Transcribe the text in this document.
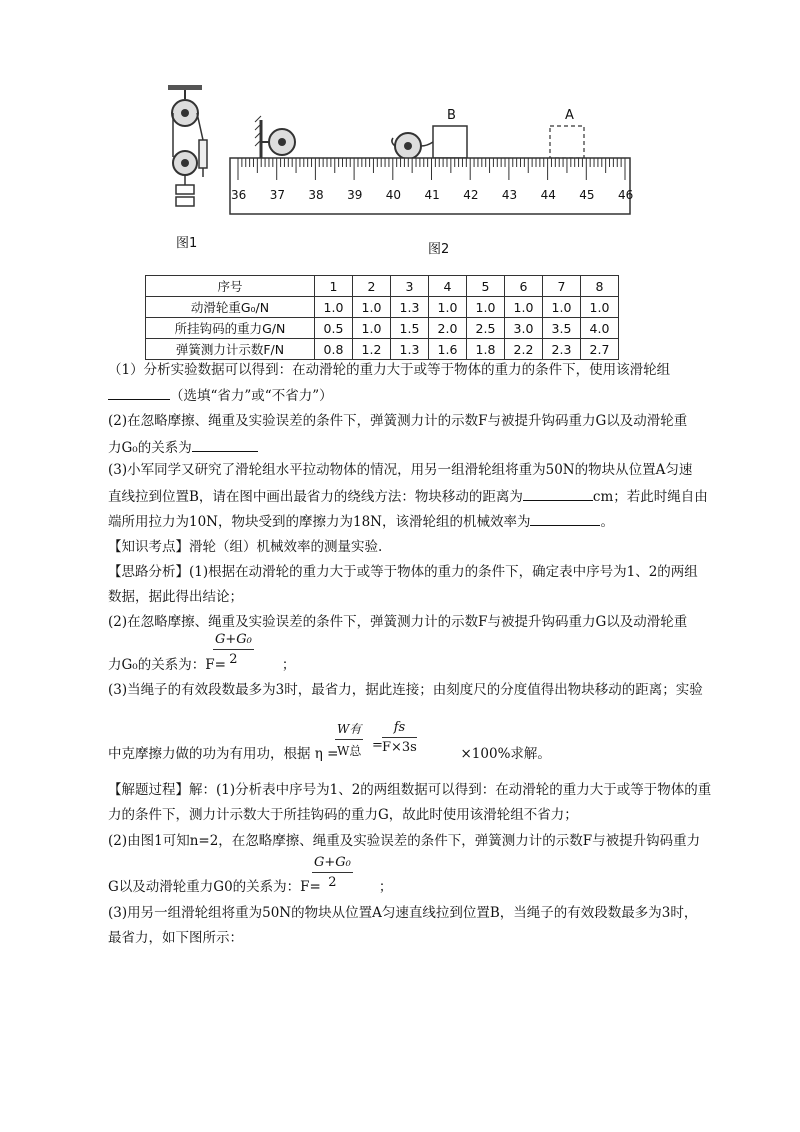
图1
B	A
36 37 38 39 40 41 42 43 44 45 46
图2
序号	1	2	3	4	5	6	7	8
动滑轮重G₀/N	1.0	1.0	1.3	1.0	1.0	1.0	1.0	1.0
所挂钩码的重力G/N	0.5	1.0	1.5	2.0	2.5	3.0	3.5	4.0
弹簧测力计示数F/N	0.8	1.2	1.3	1.6	1.8	2.2	2.3	2.7
（1）分析实验数据可以得到：在动滑轮的重力大于或等于物体的重力的条件下，使用该滑轮组
（选填“省力”或“不省力”）
(2)在忽略摩擦、绳重及实验误差的条件下，弹簧测力计的示数F与被提升钩码重力G以及动滑轮重
力G₀的关系为
(3)小军同学又研究了滑轮组水平拉动物体的情况，用另一组滑轮组将重为50N的物块从位置A匀速
直线拉到位置B，请在图中画出最省力的绕线方法：物块移动的距离为	cm；若此时绳自由
端所用拉力为10N，物块受到的摩擦力为18N，该滑轮组的机械效率为	。
【知识考点】滑轮（组）机械效率的测量实验.
【思路分析】(1)根据在动滑轮的重力大于或等于物体的重力的条件下，确定表中序号为1、2的两组
数据，据此得出结论；
(2)在忽略摩擦、绳重及实验误差的条件下，弹簧测力计的示数F与被提升钩码重力G以及动滑轮重
$\frac{\text{G+G₀}}{2}$
力G₀的关系为：F=	；
(3)当绳子的有效段数最多为3时，最省力，据此连接；由刻度尺的分度值得出物块移动的距离；实验
W有
W总 = $\frac{fs}{F\times 3s}$
中克摩擦力做的功为有用功，根据 η =	×100%求解。
【解题过程】解：(1)分析表中序号为1、2的两组数据可以得到：在动滑轮的重力大于或等于物体的重
力的条件下，测力计示数大于所挂钩码的重力G，故此时使用该滑轮组不省力；
(2)由图1可知n=2，在忽略摩擦、绳重及实验误差的条件下，弹簧测力计的示数F与被提升钩码重力
$\frac{\text{G+G₀}}{2}$
G以及动滑轮重力G0的关系为：F=	；
(3)用另一组滑轮组将重为50N的物块从位置A匀速直线拉到位置B，当绳子的有效段数最多为3时，
最省力，如下图所示：
